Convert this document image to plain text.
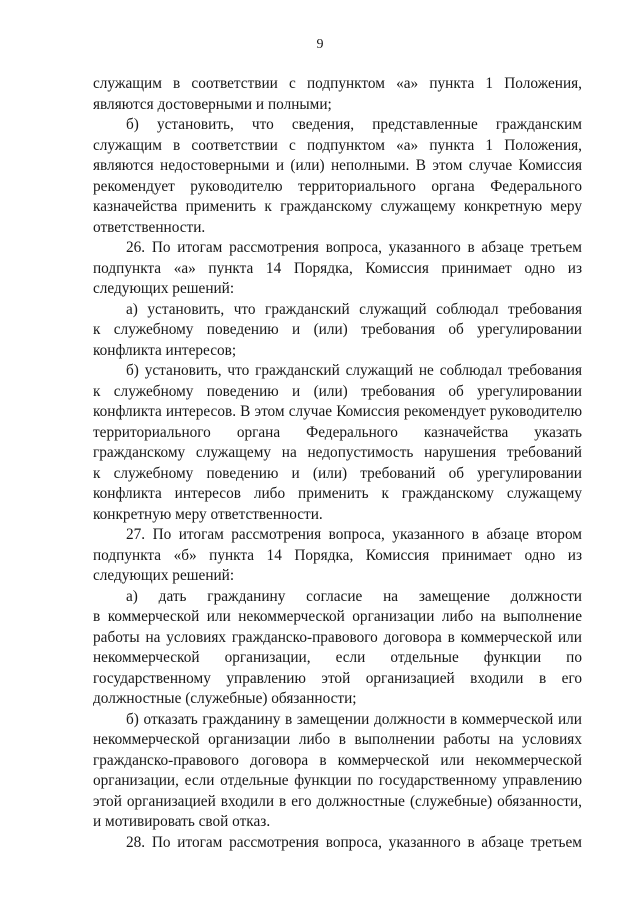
9
служащим в соответствии с подпунктом «а» пункта 1 Положения,
являются достоверными и полными;
б) установить, что сведения, представленные гражданским
служащим в соответствии с подпунктом «а» пункта 1 Положения,
являются недостоверными и (или) неполными. В этом случае Комиссия
рекомендует руководителю территориального органа Федерального
казначейства применить к гражданскому служащему конкретную меру
ответственности.
26. По итогам рассмотрения вопроса, указанного в абзаце третьем
подпункта «а» пункта 14 Порядка, Комиссия принимает одно из
следующих решений:
а) установить, что гражданский служащий соблюдал требования
к служебному поведению и (или) требования об урегулировании
конфликта интересов;
б) установить, что гражданский служащий не соблюдал требования
к служебному поведению и (или) требования об урегулировании
конфликта интересов. В этом случае Комиссия рекомендует руководителю
территориального органа Федерального казначейства указать
гражданскому служащему на недопустимость нарушения требований
к служебному поведению и (или) требований об урегулировании
конфликта интересов либо применить к гражданскому служащему
конкретную меру ответственности.
27. По итогам рассмотрения вопроса, указанного в абзаце втором
подпункта «б» пункта 14 Порядка, Комиссия принимает одно из
следующих решений:
а) дать гражданину согласие на замещение должности
в коммерческой или некоммерческой организации либо на выполнение
работы на условиях гражданско-правового договора в коммерческой или
некоммерческой организации, если отдельные функции по
государственному управлению этой организацией входили в его
должностные (служебные) обязанности;
б) отказать гражданину в замещении должности в коммерческой или
некоммерческой организации либо в выполнении работы на условиях
гражданско-правового договора в коммерческой или некоммерческой
организации, если отдельные функции по государственному управлению
этой организацией входили в его должностные (служебные) обязанности,
и мотивировать свой отказ.
28. По итогам рассмотрения вопроса, указанного в абзаце третьем
